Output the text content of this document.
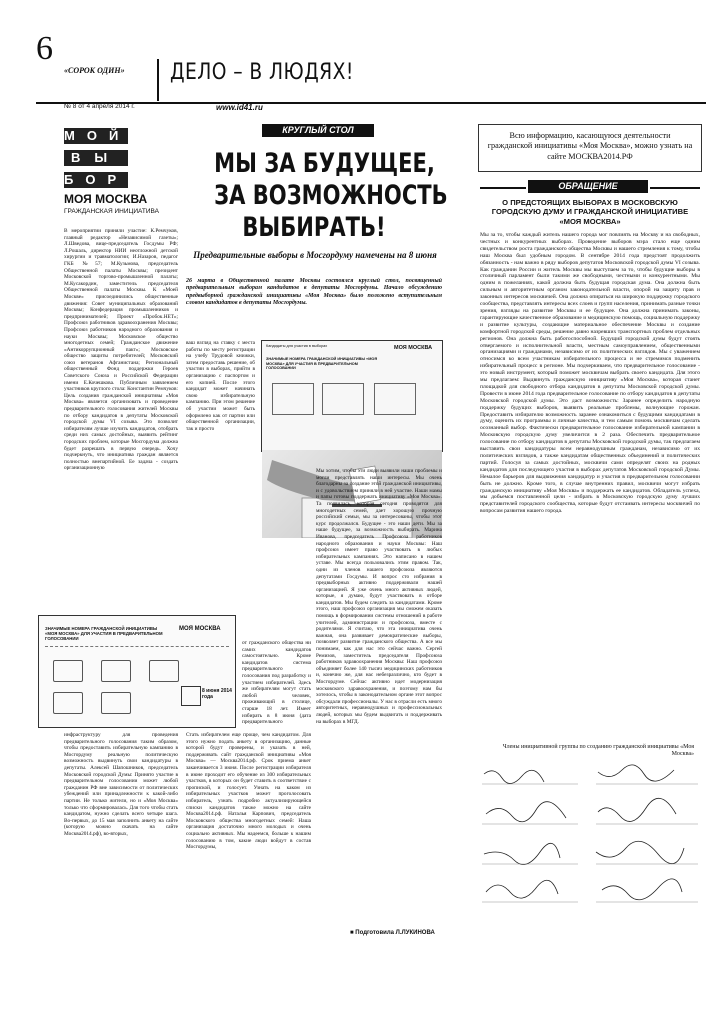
6
«СОРОК ОДИН» ДЕЛО – В ЛЮДЯХ!
№ 8 от 4 апреля 2014 г.	www.id41.ru
МОЙ
ВЫ
БОР
МОЯ МОСКВА
ГРАЖДАНСКАЯ ИНИЦИАТИВА
КРУГЛЫЙ СТОЛ
МЫ ЗА БУДУЩЕЕ,
ЗА ВОЗМОЖНОСТЬ
ВЫБИРАТЬ!
Предварительные выборы в Мосгордуму намечены на 8 июня
26 марта в Общественной палате Москвы состоялся круглый стол, посвященный предварительным выборам кандидатов в депутаты Мосгордумы. Начало обсуждению предвыборной гражданской инициативы «Моя Москва» было положено вступительным словом кандидатов в депутаты Мосгордумы.
В мероприятии приняли участие: К.Ремчуков, главный редактор «Независимой газеты»; Л.Шведова, вице-председатель Госдумы РФ; Л.Рошаль, директор НИИ неотложной детской хирургии и травматологии; И.Назаров, педагог ГКБ №57; М.Кузьмова, председатель Общественной палаты Москвы; президент Московской торгово-промышленной палаты; М.Кусакордин, заместитель председателя Общественной палаты Москвы. К «Моей Москве» присоединились общественные движения: Совет муниципальных образований Москвы; Конфедерация промышленников и предпринимателей; Проект «Пробок.НЕТ»; Профсоюз работников здравоохранения Москвы; Профсоюз работников народного образования и науки Москвы; Московское общество многодетных семей; Гражданское движение «Антикоррупционный пакт»; Московское общество защиты потребителей; Московский союз ветеранов Афганистана; Региональный общественный Фонд поддержки Героев Советского Союза и Российской Федерации имени Е.Кочешкова. Публичным заявлением участников круглого стола: Константин Ремчуков: Цель создания гражданской инициативы «Моя Москва» является организовать и проведение предварительного голосования жителей Москвы по отбору кандидатов в депутаты Московской городской думы VI созыва. Это позволит избирателям лучше изучить кандидатов, отобрать среди них самых достойных, выявить рейтинг городских проблем, которые Мосгордума должна будет разрешать в первую очередь. Хочу подчеркнуть, что инициатива граждан является полностью внепартийной. Ее задача - создать организационную
ЗНАЧИМЫЕ НОМЕРА ГРАЖДАНСКОЙ ИНИЦИАТИВЫ «МОЯ МОСКВА» ДЛЯ УЧАСТИЯ В ПРЕДВАРИТЕЛЬНОМ ГОЛОСОВАНИИ
МОЯ МОСКВА
8 июня 2014 года
инфраструктуру для проведения предварительного голосования таким образом, чтобы предоставить избирательную кампанию в Мосгордуму реальную политическую возможность выдвинуть свои кандидатуры в депутаты. Алексей Шапошников, председатель Московской городской Думы: Принято участие в предварительном голосовании может любой гражданин РФ вне зависимости от политических убеждений или принадлежности к какой-либо партии. Не только жители, но и «Моя Москва» только что сформировалась. Для того чтобы стать кандидатом, нужно сделать всего четыре шага. Во-первых, до 15 мая заполнить анкету на сайте (которую можно скачать на сайте Москва2014.рф), во-вторых,
от гражданского общества ни самих кандидатов самостоятельно. Кроме кандидатов система предварительного голосования под разработку и участием избирателей. Здесь же избирателям могут стать любой человек, проживающий в столице, старше 18 лет. Имеет избирать в 8 июня (дата предварительного
Стать избирателем еще проще, чем кандидатом. Для этого нужно подать анкету в организацию, данные которой будут проверены, и указать в ней, поддерживать сайт гражданской инициативы «Моя Москва» — Москва2014.рф. Срок приема анкет заканчивается 3 июня. После регистрации избирателя в июне проходит его обучение из 300 избирательных участков, в которых он будет ставить в соответствие с пропиской, и голосует. Узнать на каком из избирательных участков может проголосовать избиратель, узнать подробно актуализирующейся списки кандидатов также можно на сайте Москва2014.рф. Наталья Карпович, председатель Московского общества многодетных семей: Наша организация достаточно много молодых и очень социально активных. Мы надеемся, больше к нашим голосованию в том, какие люди войдут в состав Мосгордумы,
ваш взгляд на ставку с места работы по месту регистрации на учебу Трудовой книжки, затем предоставь решение, об участии в выборах, прийти в организацию с паспортом и его копией. После этого кандидат может начинать свою избирательную кампанию. При этом решение об участии может быть оформлено как от партии или общественной организации, так и просто
Кандидаты для участия в выборах	МОЯ МОСКВА
ЗНАЧИМЫЕ НОМЕРА ГРАЖДАНСКОЙ ИНИЦИАТИВЫ «МОЯ МОСКВА» ДЛЯ УЧАСТИЯ В ПРЕДВАРИТЕЛЬНОМ ГОЛОСОВАНИИ
Мы хотим, чтобы эти люди выявили наши проблемы и могли представлять наши интересы. Мы очень благодарны за создание этой гражданской инициативы, и с удовольствием приняли в ней участие. Наши мамы и папы готовы поддержать инициативу «Моя Москва». Та появилась, которая сегодня проводятся для многодетных семей, дает хорошую прочную российский семьи, мы за интересованы, чтобы этот курс продолжался. Будущее - это наши дети. Мы за наше будущее, за возможность выбирать. Марина Иванова, председатель Профсоюза работников народного образования и науки Москвы: Наш профсоюз имеет право участвовать в любых избирательных кампаниях. Это написано в нашем уставе. Мы всегда пользовались этим правом. Так, одни из членов нашего профсоюза являются депутатами Госдумы. И вопрос сто избрания в предвыборных активно поддерживали нашей организацией. Я уже очень много активных людей, которые, я думаю, будут участвовать в отборе кандидатов. Мы будем следить за кандидатами. Кроме этого, наш профсоюз организация мы сможем оказать помощь в формировании системы отношений в работе учителей, администрации и профсоюза, вместе с родителями. Я считаю, что эта инициатива очень важная, она развивает демократические выборы, позволяет развитие гражданского общества. А все мы понимаем, как для нас это сейчас важно. Сергей Ремизов, заместитель председателя Профсоюза работников здравоохранения Москвы: Наш профсоюз объединяет более 140 тысяч медицинских работников и, конечно же, для нас небезразлично, кто будет в Мосгордуме. Сейчас активно идет модернизация московского здравоохранения, и поэтому нам бы хотелось, чтобы в законодательном органе этот вопрос обсуждали профессионалы. У нас в отрасли есть много авторитетных, неравнодушных и профессиональных людей, которых мы будем выдвигать и поддерживать на выборах в МГД.
■ Подготовила Л.ЛУКИНОВА
Всю информацию, касающуюся деятельности гражданской инициативы «Моя Москва», можно узнать на сайте МОСКВА2014.РФ
ОБРАЩЕНИЕ
О ПРЕДСТОЯЩИХ ВЫБОРАХ В МОСКОВСКУЮ ГОРОДСКУЮ ДУМУ И ГРАЖДАНСКОЙ ИНИЦИАТИВЕ «МОЯ МОСКВА»
Мы за то, чтобы каждый житель нашего города мог повлиять на Москву и на свободных, честных и конкурентных выборах. Проведение выборов мэра стало еще одним свидетельством роста гражданского общества Москвы и нашего стремления к тому, чтобы наш Москва был удобным городом. В сентябре 2014 года предстоят продолжить обязанность - нам важно в ряду выборов депутатов Московской городской думы VI созыва. Как гражданин России и житель Москвы мы выступаем за то, чтобы будущие выборы в столичный парламент были такими же свободными, честными и конкурентными. Мы одним в пожеланиях, какой должна быть будущая городская дума. Она должна быть сильным и авторитетным органом законодательной власти, опорой на защиту прав и законных интересов москвичей. Она должна опираться на широкую поддержку городского сообщества, представлять интересы всех слоев и групп населения, принимать разные точки зрения, взгляды на развитие Москвы и ее будущее. Она должна принимать законы, гарантирующие качественное образование и медицинскую помощь, социальную поддержку и развитие культуры, создающие материальное обеспечение Москвы и создание комфортной городской среды, решение давно назревших транспортных проблем отдельных регионов. Она должна быть работоспособной. Будущий городской думы будут стоять отвергаемого и исполнительной власти, местным самоуправлением, общественными организациями и гражданами, независимо от их политических взглядов. Мы с уважением относимся ко всем участникам избирательного процесса и не стремимся подменить избирательный процесс в регионе. Мы подчеркиваем, что предварительное голосование - это новый инструмент, который поможет москвичам выбрать своего кандидата. Для этого мы предлагаем: Выдвинуть гражданскую инициативу «Моя Москва», которая станет площадкой для свободного отбора кандидатов в депутаты Московской городской думы. Провести в июне 2014 года предварительное голосование по отбору кандидатов в депутаты Московской городской думы. Это даст возможность: Заранее определить народную поддержку будущих выборов, выявить реальные проблемы, волнующие горожан. Предоставить избирателю возможность заранее ознакомиться с будущими кандидатами в думу, оценить их программы и личные качества, и тем самым помочь москвичам сделать осознанный выбор. Фактически предварительное голосование избирательной кампании в Московскую городскую думу увеличится в 2 раза. Обеспечить предварительное голосование по отбору кандидатов в депутаты Московской городской думы, так предлагаем выставить свои кандидатуры всем неравнодушным гражданам, независимо от их политических взглядов, а также кандидатам общественных объединений и политических партий. Голосуя за самых достойных, москвичи сами определят своих на родных кандидатов для последующего участия в выборах депутатов Московской городской Думы. Немалое барьеров для выдвижения кандидатур и участия в предварительном голосовании быть не должно. Кроме того, в случае внутренних правил, москвичи могут избрать гражданскую инициативу «Моя Москва» и поддержать ее кандидатов. Обладатель успеха, мы добьемся поставленной цели - избрать в Московскую городскую думу лучших представителей городского сообщества, которые будут отстаивать интересы москвичей по вопросам развития нашего города.
Члены инициативной группы по созданию гражданской инициативы «Моя Москва»
